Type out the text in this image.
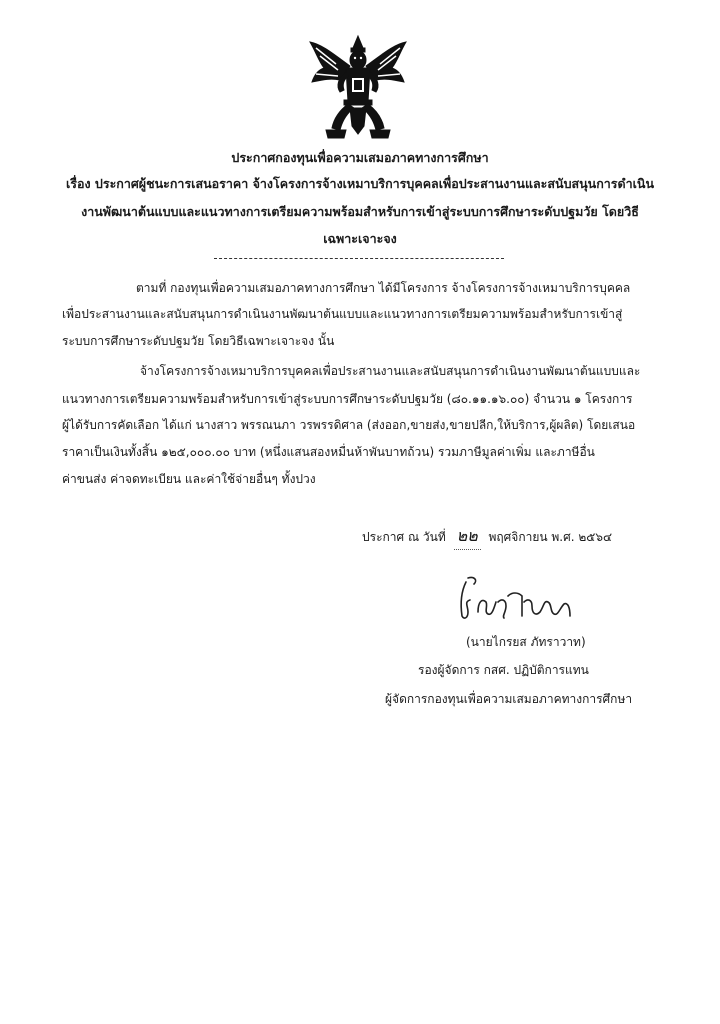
ประกาศกองทุนเพื่อความเสมอภาคทางการศึกษา
เรื่อง ประกาศผู้ชนะการเสนอราคา จ้างโครงการจ้างเหมาบริการบุคคลเพื่อประสานงานและสนับสนุนการดำเนิน
งานพัฒนาต้นแบบและแนวทางการเตรียมความพร้อมสำหรับการเข้าสู่ระบบการศึกษาระดับปฐมวัย โดยวิธี
เฉพาะเจาะจง
ตามที่ กองทุนเพื่อความเสมอภาคทางการศึกษา ได้มีโครงการ จ้างโครงการจ้างเหมาบริการบุคคล
เพื่อประสานงานและสนับสนุนการดำเนินงานพัฒนาต้นแบบและแนวทางการเตรียมความพร้อมสำหรับการเข้าสู่
ระบบการศึกษาระดับปฐมวัย โดยวิธีเฉพาะเจาะจง นั้น
จ้างโครงการจ้างเหมาบริการบุคคลเพื่อประสานงานและสนับสนุนการดำเนินงานพัฒนาต้นแบบและ
แนวทางการเตรียมความพร้อมสำหรับการเข้าสู่ระบบการศึกษาระดับปฐมวัย (๘๐.๑๑.๑๖.๐๐) จำนวน ๑ โครงการ
ผู้ได้รับการคัดเลือก ได้แก่ นางสาว พรรณนภา วรพรรดิศาล (ส่งออก,ขายส่ง,ขายปลีก,ให้บริการ,ผู้ผลิต) โดยเสนอ
ราคาเป็นเงินทั้งสิ้น ๑๒๕,๐๐๐.๐๐ บาท (หนึ่งแสนสองหมื่นห้าพันบาทถ้วน) รวมภาษีมูลค่าเพิ่ม และภาษีอื่น
ค่าขนส่ง ค่าจดทะเบียน และค่าใช้จ่ายอื่นๆ ทั้งปวง
ประกาศ ณ วันที่ ๒๒ พฤศจิกายน พ.ศ. ๒๕๖๔
(นายไกรยส ภัทราวาท)
รองผู้จัดการ กสศ. ปฏิบัติการแทน
ผู้จัดการกองทุนเพื่อความเสมอภาคทางการศึกษา
